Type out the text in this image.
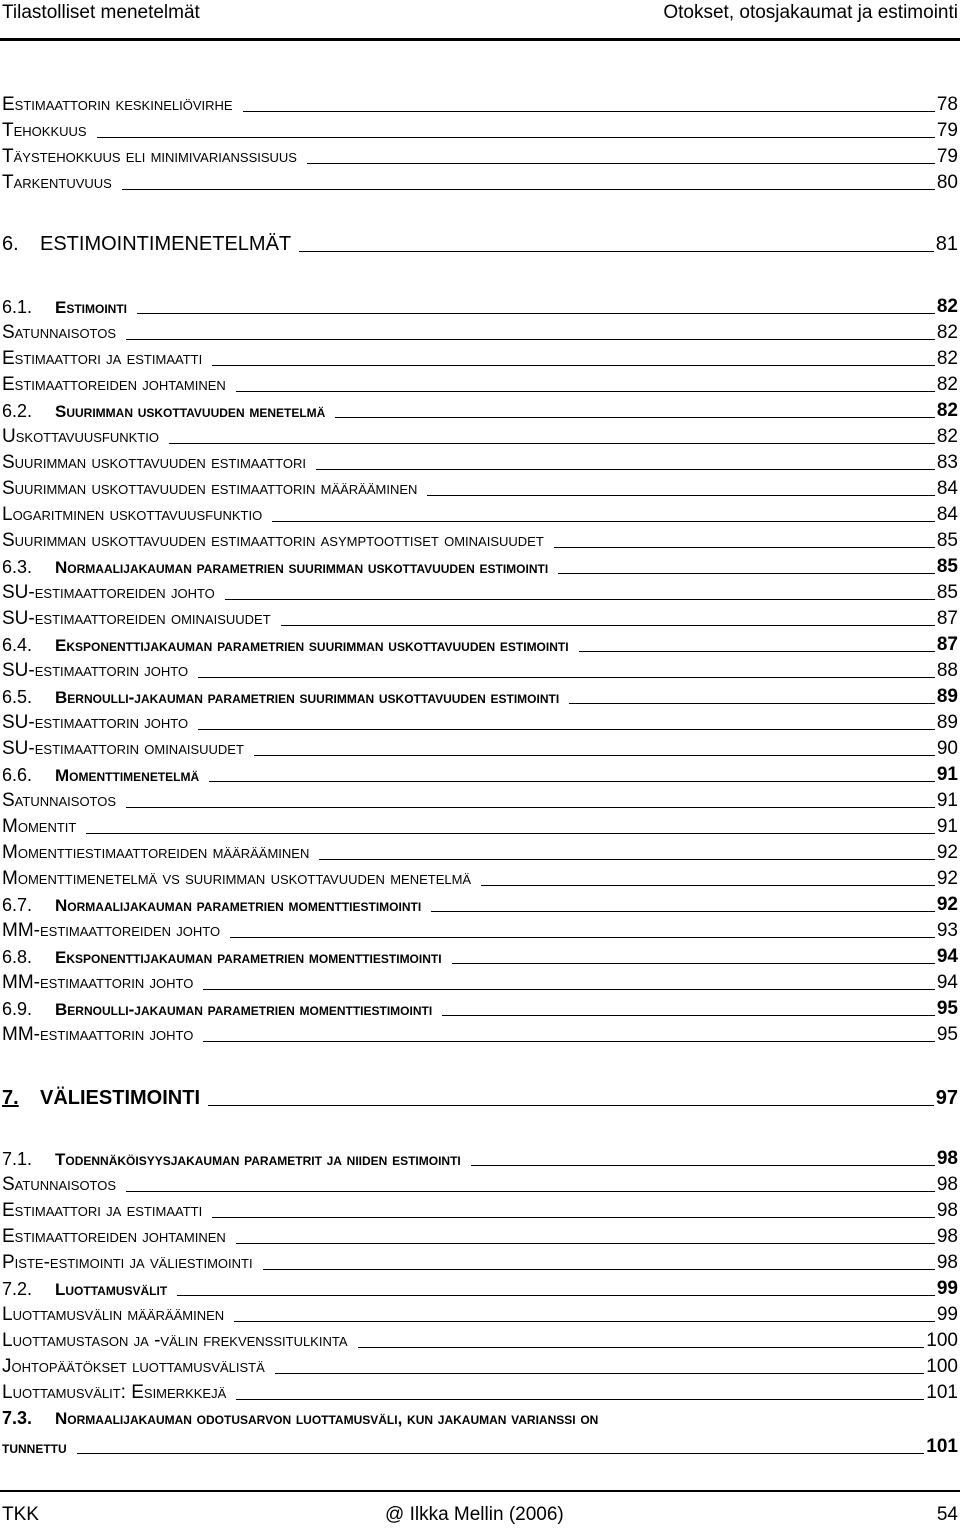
Tilastolliset menetelmät	Otokset, otosjakaumat ja estimointi
Estimaattorin keskineliövirhe	78
Tehokkuus	79
Täystehokkuus eli minimivarianssisuus	79
Tarkentuvuus	80
6.	ESTIMOINTIMENETELMÄT	81
6.1.	Estimointi	82
Satunnaisotos	82
Estimaattori ja estimaatti	82
Estimaattoreiden johtaminen	82
6.2.	Suurimman uskottavuuden menetelmä	82
Uskottavuusfunktio	82
Suurimman uskottavuuden estimaattori	83
Suurimman uskottavuuden estimaattorin määrääminen	84
Logaritminen uskottavuusfunktio	84
Suurimman uskottavuuden estimaattorin asymptoottiset ominaisuudet	85
6.3.	Normaalijakauman parametrien suurimman uskottavuuden estimointi	85
SU-estimaattoreiden johto	85
SU-estimaattoreiden ominaisuudet	87
6.4.	Eksponenttijakauman parametrien suurimman uskottavuuden estimointi	87
SU-estimaattorin johto	88
6.5.	Bernoulli-jakauman parametrien suurimman uskottavuuden estimointi	89
SU-estimaattorin johto	89
SU-estimaattorin ominaisuudet	90
6.6.	Momenttimenetelmä	91
Satunnaisotos	91
Momentit	91
Momenttiestimaattoreiden määrääminen	92
Momenttimenetelmä vs suurimman uskottavuuden menetelmä	92
6.7.	Normaalijakauman parametrien momenttiestimointi	92
MM-estimaattoreiden johto	93
6.8.	Eksponenttijakauman parametrien momenttiestimointi	94
MM-estimaattorin johto	94
6.9.	Bernoulli-jakauman parametrien momenttiestimointi	95
MM-estimaattorin johto	95
7.	VÄLIESTIMOINTI	97
7.1.	Todennäköisyysjakauman parametrit ja niiden estimointi	98
Satunnaisotos	98
Estimaattori ja estimaatti	98
Estimaattoreiden johtaminen	98
Piste-estimointi ja väliestimointi	98
7.2.	Luottamusvälit	99
Luottamusvälin määrääminen	99
Luottamustason ja -välin frekvenssitulkinta	100
Johtopäätökset luottamusvälistä	100
Luottamusvälit: Esimerkkejä	101
7.3. Normaalijakauman odotusarvon luottamusväli, kun jakauman varianssi on
tunnettu	101
TKK	@ Ilkka Mellin (2006)	54
